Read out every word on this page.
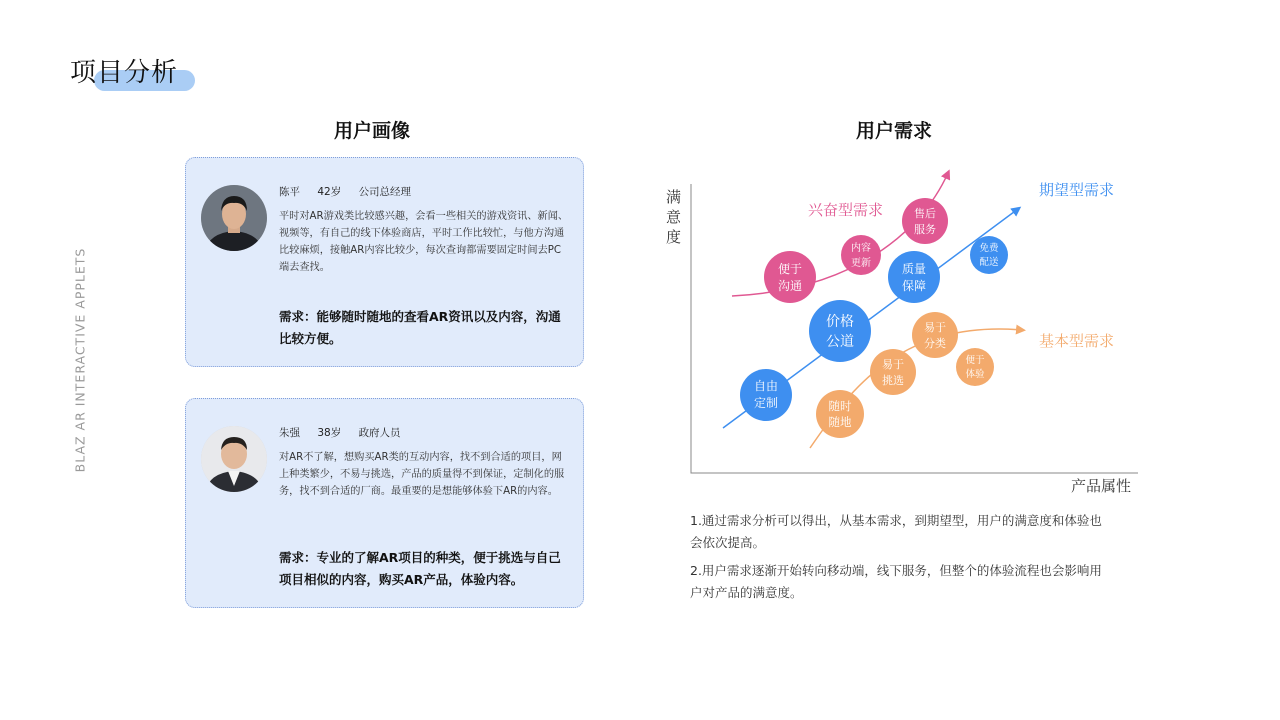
项目分析
BLAZ AR INTERACTIVE APPLETS
用户画像	用户需求
陈平 42岁 公司总经理
平时对AR游戏类比较感兴趣，会看一些相关的游戏资讯、新闻、视频等，有自己的线下体验商店，平时工作比较忙，与他方沟通比较麻烦，接触AR内容比较少，每次查询都需要固定时间去PC端去查找。
需求：能够随时随地的查看AR资讯以及内容，沟通比较方便。
朱强 38岁 政府人员
对AR不了解，想购买AR类的互动内容，找不到合适的项目，网上种类繁少，不易与挑选，产品的质量得不到保证，定制化的服务，找不到合适的厂商。最重要的是想能够体验下AR的内容。
需求：专业的了解AR项目的种类，便于挑选与自己项目相似的内容，购买AR产品，体验内容。
满
意
度
产品属性
兴奋型需求
期望型需求
基本型需求
自由
定制
价格
公道
质量
保障
免费
配送
便于
沟通
内容
更新
售后
服务
随时
随地
易于
挑选
易于
分类
便于
体验

1.通过需求分析可以得出，从基本需求，到期望型，用户的满意度和体验也会依次提高。

2.用户需求逐渐开始转向移动端，线下服务，但整个的体验流程也会影响用户对产品的满意度。
